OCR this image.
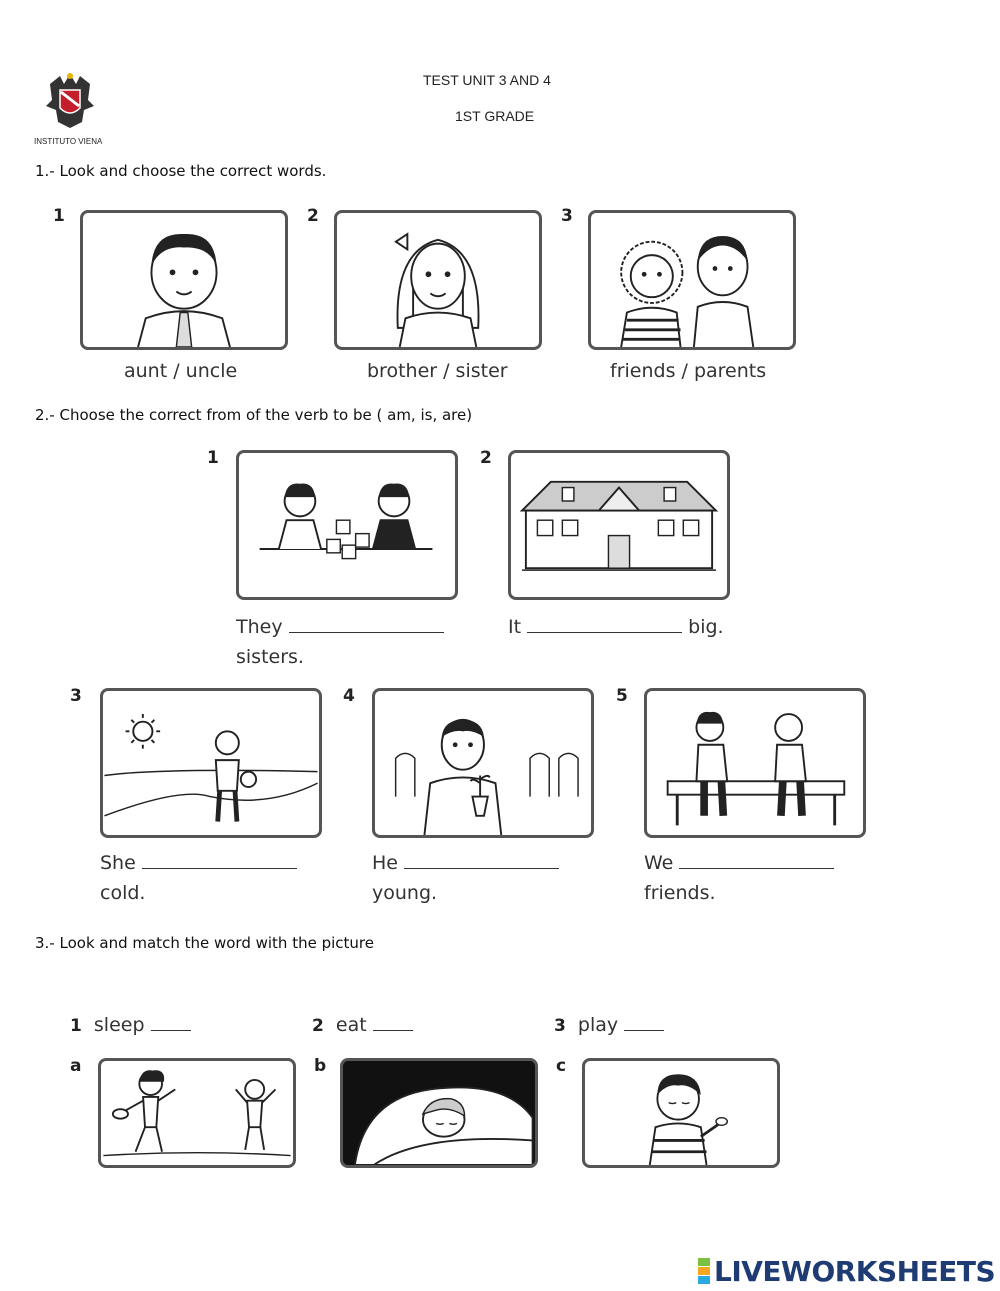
INSTITUTO VIENA
TEST UNIT 3 AND 4
1ST GRADE
1.- Look and choose the correct words.
1
aunt / uncle
2
brother / sister
3
friends / parents
2.- Choose the correct from of the verb to be ( am, is, are)
1
They
sisters.
2
It	big.
3
She
cold.
4
He
young.
5
We
friends.
3.- Look and match the word with the picture
1 sleep	2 eat	3 play
a	b	c
LIVEWORKSHEETS
